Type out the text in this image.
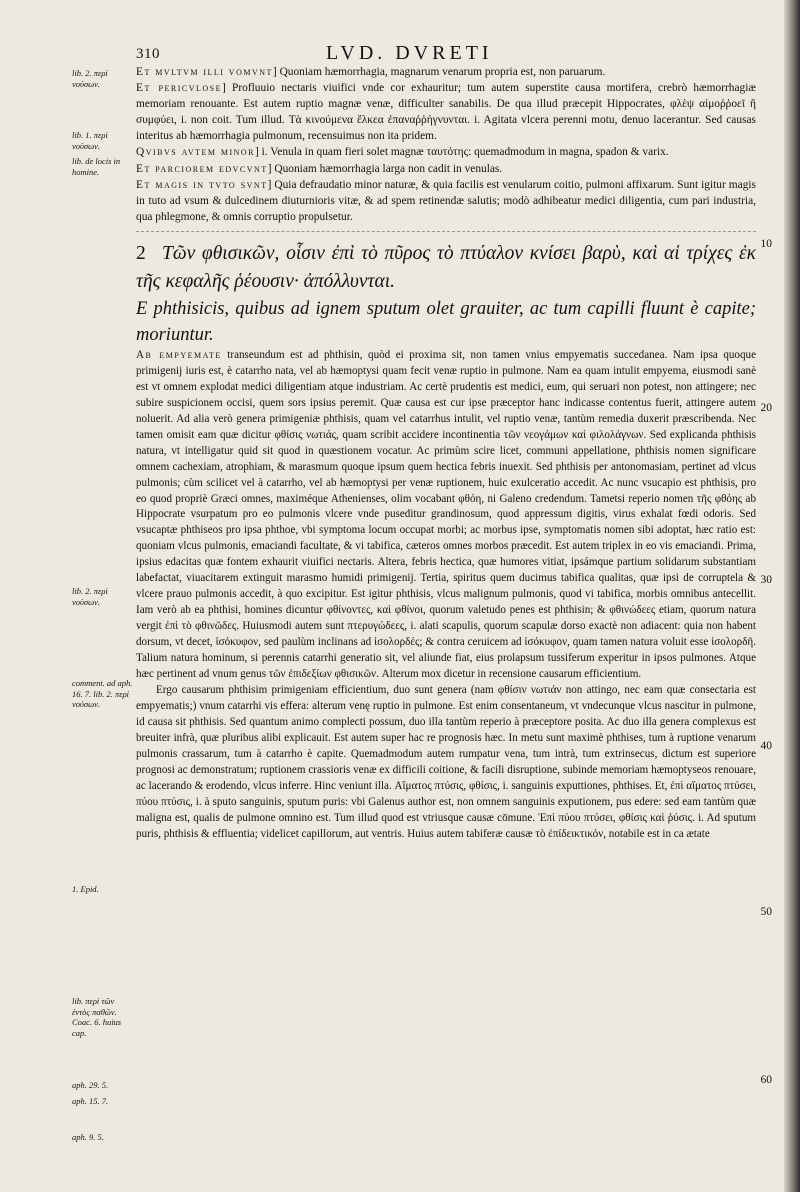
310	LVD. DVRETI
lib. 2. περὶ νούσων.
lib. 1. περὶ νούσων.
lib. de locis in homine.
lib. 2. περὶ νούσων.
comment. ad aph. 16. 7. lib. 2. περὶ νούσων.
1. Epid.
lib. περὶ τῶν ἐντὸς παθῶν. Coac. 6. huius cap.
aph. 29. 5.
aph. 15. 7.
aph. 9. 5.
10
20
30
40
50
60

Et mvltvm illi vomvnt] Quoniam hæmorrhagia, magnarum venarum propria est, non paruarum.

Et pericvlose] Profluuio nectaris viuifici vnde cor exhauritur; tum autem superstite causa mortifera, crebrò hæmorrhagiæ memoriam renouante. Est autem ruptio magnæ venæ, difficulter sanabilis. De qua illud præcepit Hippocrates, φλὲψ αἱμοῤῥοεῖ ἢ συμφύει, i. non coit. Tum illud. Τὰ κινούμενα ἕλκεα ἐπαναῤῥήγνυνται. i. Agitata vlcera perenni motu, denuo lacerantur. Sed causas interitus ab hæmorrhagia pulmonum, recensuimus non ita pridem.

Qvibvs avtem minor] i. Venula in quam fieri solet magnæ ταυτότης: quemadmodum in magna, spadon & varix.

Et parciorem edvcvnt] Quoniam hæmorrhagia larga non cadit in venulas.

Et magis in tvto svnt] Quia defraudatio minor naturæ, & quia facilis est venularum coitio, pulmoni affixarum. Sunt igitur magis in tuto ad vsum & dulcedinem diuturnioris vitæ, & ad spem retinendæ salutis; modò adhibeatur medici diligentia, cum pari industria, qua phlegmone, & omnis corruptio propulsetur.

2 Τῶν φθισικῶν, οἷσιν ἐπὶ τὸ πῦρος τὸ πτύαλον κνίσει βαρὺ, καὶ αἱ τρίχες ἐκ τῆς κεφαλῆς ῥέουσιν· ἀπόλλυνται.

E phthisicis, quibus ad ignem sputum olet grauiter, ac tum capilli fluunt è capite; moriuntur.

Ab empyemate transeundum est ad phthisin, quòd ei proxima sit, non tamen vnius empyematis succedanea. Nam ipsa quoque primigenij iuris est, è catarrho nata, vel ab hæmoptysi quam fecit venæ ruptio in pulmone. Nam ea quam intulit empyema, eiusmodi sanè est vt omnem explodat medici diligentiam atque industriam. Ac certè prudentis est medici, eum, qui seruari non potest, non attingere; nec subire suspicionem occisi, quem sors ipsius peremit. Quæ causa est cur ipse præceptor hanc indicasse contentus fuerit, attingere autem noluerit. Ad alia verò genera primigeniæ phthisis, quam vel catarrhus intulit, vel ruptio venæ, tantùm remedia duxerit præscribenda. Nec tamen omisit eam quæ dicitur φθίσις νωτιάς, quam scribit accidere incontinentia τῶν νεογάμων καὶ φιλολάγνων. Sed explicanda phthisis natura, vt intelligatur quid sit quod in quæstionem vocatur. Ac primùm scire licet, communi appellatione, phthisis nomen significare omnem cachexiam, atrophiam, & marasmum quoque ipsum quem hectica febris inuexit. Sed phthisis per antonomasiam, pertinet ad vlcus pulmonis; cùm scilicet vel à catarrho, vel ab hæmoptysi per venæ ruptionem, huic exulceratio accedit. Ac nunc vsucapio est phthisis, pro eo quod propriè Græci omnes, maximéque Athenienses, olim vocabant φθόη, ni Galeno credendum. Tametsi reperio nomen τῆς φθόης ab Hippocrate vsurpatum pro eo pulmonis vlcere vnde puseditur grandinosum, quod appressum digitis, virus exhalat fœdi odoris. Sed vsucaptæ phthiseos pro ipsa phthoe, vbi symptoma locum occupat morbi; ac morbus ipse, symptomatis nomen sibi adoptat, hæc ratio est: quoniam vlcus pulmonis, emaciandi facultate, & vi tabifica, cæteros omnes morbos præcedit. Est autem triplex in eo vis emaciandi. Prima, ipsius edacitas quæ fontem exhaurit viuifici nectaris. Altera, febris hectica, quæ humores vitiat, ipsámque partium solidarum substantiam labefactat, viuacitarem extinguit marasmo humidi primigenij. Tertia, spiritus quem ducimus tabifica qualitas, quæ ipsi de corruptela & vlcere prauo pulmonis accedit, à quo excipitur. Est igitur phthisis, vlcus malignum pulmonis, quod vi tabifica, morbis omnibus antecellit. Iam verò ab ea phthisi, homines dicuntur φθίνοντες, καὶ φθίνοι, quorum valetudo penes est phthisin; & φθινώδεες etiam, quorum natura vergit ἐπὶ τὸ φθινῶδες. Huiusmodi autem sunt πτερυγώδεες, i. alati scapulis, quorum scapulæ dorso exactè non adiacent: quia non habent dorsum, vt decet, ἰσόκυφον, sed paulùm inclinans ad ἰσολορδές; & contra ceruicem ad ἰσόκυφον, quam tamen natura voluit esse ἰσολορδῆ. Talium natura hominum, si perennis catarrhi generatio sit, vel aliunde fiat, eius prolapsum tussiferum experitur in ipsos pulmones. Atque hæc pertinent ad vnum genus τῶν ἐπιδεξίων φθισικῶν. Alterum mox dicetur in recensione causarum efficientium.

Ergo causarum phthisim primigeniam efficientium, duo sunt genera (nam φθίσιν νωτιάν non attingo, nec eam quæ consectaria est empyematis;) vnum catarrhi vis effera: alterum venę ruptio in pulmone. Est enim consentaneum, vt vndecunque vlcus nascitur in pulmone, id causa sit phthisis. Sed quantum animo complecti possum, duo illa tantùm reperio à præceptore posita. Ac duo illa genera complexus est breuiter infrà, quæ pluribus alibi explicauit. Est autem super hac re prognosis hæc. In metu sunt maximè phthises, tum à ruptione venarum pulmonis crassarum, tum à catarrho è capite. Quemadmodum autem rumpatur vena, tum intrà, tum extrinsecus, dictum est superiore prognosi ac demonstratum; ruptionem crassioris venæ ex difficili coitione, & facili disruptione, subinde memoriam hæmoptyseos renouare, ac lacerando & erodendo, vlcus inferre. Hinc veniunt illa. Αἵματος πτύσις, φθίσις, i. sanguinis exputtiones, phthises. Et, ἐπὶ αἵματος πτύσει, πύου πτύσις, i. à sputo sanguinis, sputum puris: vbi Galenus author est, non omnem sanguinis exputionem, pus edere: sed eam tantùm quæ maligna est, qualis de pulmone omnino est. Tum illud quod est vtriusque causæ cōmune. Ἐπὶ πύου πτύσει, φθίσις καὶ ῥύσις. i. Ad sputum puris, phthisis & effluentia; videlicet capillorum, aut ventris. Huius autem tabiferæ causæ τὸ ἐπίδεικτικόν, notabile est in ca ætate
